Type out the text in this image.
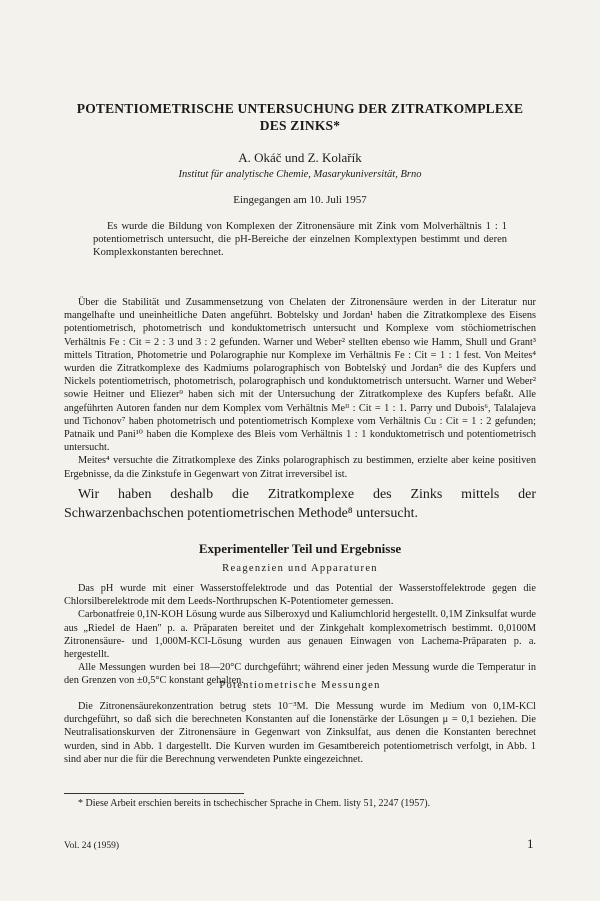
POTENTIOMETRISCHE UNTERSUCHUNG DER ZITRATKOMPLEXE
DES ZINKS*
A. Okáč und Z. Kolařík
Institut für analytische Chemie, Masarykuniversität, Brno
Eingegangen am 10. Juli 1957
Es wurde die Bildung von Komplexen der Zitronensäure mit Zink vom Molverhältnis 1 : 1 potentiometrisch untersucht, die pH-Bereiche der einzelnen Komplextypen bestimmt und deren Komplexkonstanten berechnet.

Über die Stabilität und Zusammensetzung von Chelaten der Zitronensäure werden in der Literatur nur mangelhafte und uneinheitliche Daten angeführt. Bobtelsky und Jordan¹ haben die Zitratkomplexe des Eisens potentiometrisch, photometrisch und konduktometrisch untersucht und Komplexe vom stöchiometrischen Verhältnis Fe : Cit = 2 : 3 und 3 : 2 gefunden. Warner und Weber² stellten ebenso wie Hamm, Shull und Grant³ mittels Titration, Photometrie und Polarographie nur Komplexe im Verhältnis Fe : Cit = 1 : 1 fest. Von Meites⁴ wurden die Zitratkomplexe des Kadmiums polarographisch von Bobtelský und Jordan⁵ die des Kupfers und Nickels potentiometrisch, photometrisch, polarographisch und konduktometrisch untersucht. Warner und Weber² sowie Heitner und Eliezer⁹ haben sich mit der Untersuchung der Zitratkomplexe des Kupfers befaßt. Alle angeführten Autoren fanden nur dem Komplex vom Verhältnis Meᴵᴵ : Cit = 1 : 1. Parry und Dubois⁶, Talalajeva und Tichonov⁷ haben photometrisch und potentiometrisch Komplexe vom Verhältnis Cu : Cit = 1 : 2 gefunden; Patnaik und Pani¹⁰ haben die Komplexe des Bleis vom Verhältnis 1 : 1 konduktometrisch und potentiometrisch untersucht.

Meites⁴ versuchte die Zitratkomplexe des Zinks polarographisch zu bestimmen, erzielte aber keine positiven Ergebnisse, da die Zinkstufe in Gegenwart von Zitrat irreversibel ist.

Wir haben deshalb die Zitratkomplexe des Zinks mittels der Schwarzenbachschen potentiometrischen Methode⁸ untersucht.
Experimenteller Teil und Ergebnisse
Reagenzien und Apparaturen

Das pH wurde mit einer Wasserstoffelektrode und das Potential der Wasserstoffelektrode gegen die Chlorsilberelektrode mit dem Leeds-Northrupschen K-Potentiometer gemessen.

Carbonatfreie 0,1N-KOH Lösung wurde aus Silberoxyd und Kaliumchlorid hergestellt. 0,1M Zinksulfat wurde aus „Riedel de Haen" p. a. Präparaten bereitet und der Zinkgehalt komplexometrisch bestimmt. 0,0100M Zitronensäure- und 1,000M-KCl-Lösung wurden aus genauen Einwagen von Lachema-Präparaten p. a. hergestellt.

Alle Messungen wurden bei 18—20°C durchgeführt; während einer jeden Messung wurde die Temperatur in den Grenzen von ±0,5°C konstant gehalten.

Potentiometrische Messungen

Die Zitronensäurekonzentration betrug stets 10⁻³M. Die Messung wurde im Medium von 0,1M-KCl durchgeführt, so daß sich die berechneten Konstanten auf die Ionenstärke der Lösungen μ = 0,1 beziehen. Die Neutralisationskurven der Zitronensäure in Gegenwart von Zinksulfat, aus denen die Konstanten berechnet wurden, sind in Abb. 1 dargestellt. Die Kurven wurden im Gesamtbereich potentiometrisch verfolgt, in Abb. 1 sind aber nur die für die Berechnung verwendeten Punkte eingezeichnet.

* Diese Arbeit erschien bereits in tschechischer Sprache in Chem. listy 51, 2247 (1957).
Vol. 24 (1959)	1
